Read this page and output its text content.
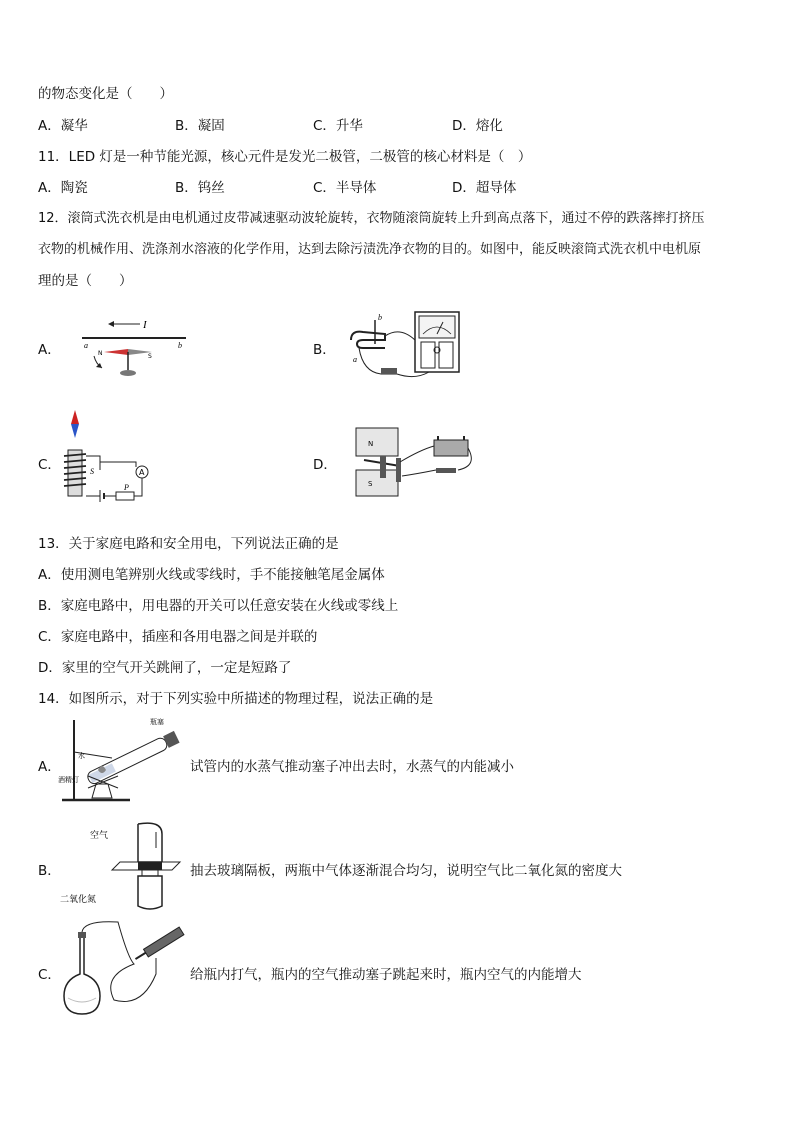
的物态变化是（　　）
A．凝华	B．凝固	C．升华	D．熔化
11．LED 灯是一种节能光源，核心元件是发光二极管，二极管的核心材料是（　）
A．陶瓷	B．钨丝	C．半导体	D．超导体
12．滚筒式洗衣机是由电机通过皮带减速驱动波轮旋转，衣物随滚筒旋转上升到高点落下，通过不停的跌落摔打挤压
衣物的机械作用、洗涤剂水溶液的化学作用，达到去除污渍洗净衣物的目的。如图中，能反映滚筒式洗衣机中电机原
理的是（　　）
A．
I
a	b
N	S	B．
b
a
C．	S	A
P
D．
N
S
13．关于家庭电路和安全用电，下列说法正确的是
A．使用测电笔辨别火线或零线时，手不能接触笔尾金属体
B．家庭电路中，用电器的开关可以任意安装在火线或零线上
C．家庭电路中，插座和各用电器之间是并联的
D．家里的空气开关跳闸了，一定是短路了
14．如图所示，对于下列实验中所描述的物理过程，说法正确的是
A．
瓶塞
水
酒精灯
试管内的水蒸气推动塞子冲出去时，水蒸气的内能减小
B．
空气
二氧化氮
抽去玻璃隔板，两瓶中气体逐渐混合均匀，说明空气比二氧化氮的密度大
C．	给瓶内打气，瓶内的空气推动塞子跳起来时，瓶内空气的内能增大
